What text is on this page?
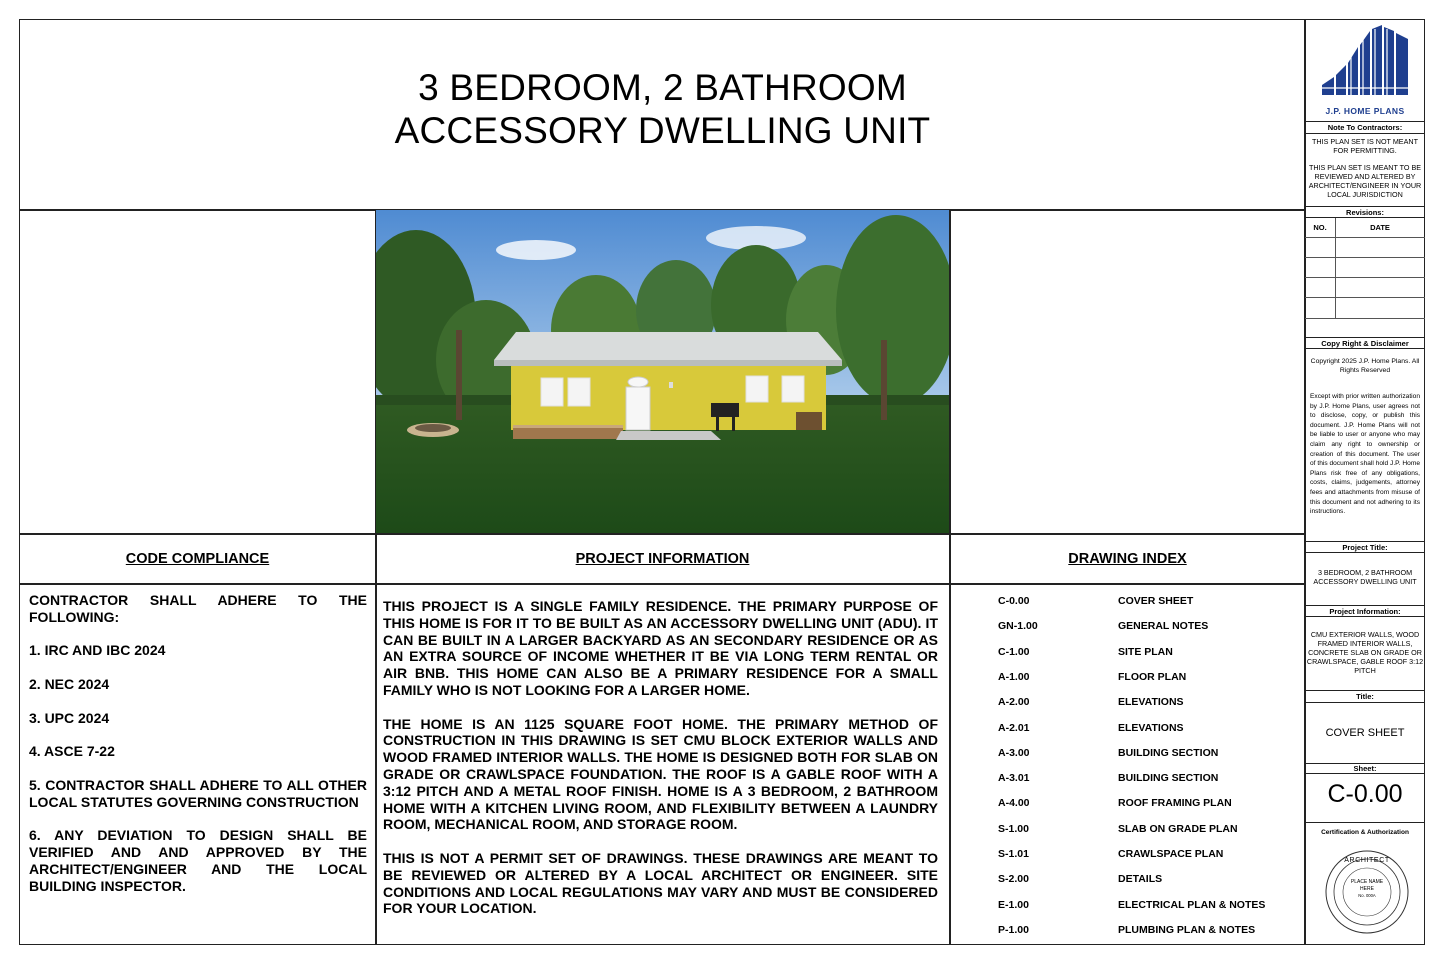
3 BEDROOM, 2 BATHROOM
ACCESSORY DWELLING UNIT
CODE COMPLIANCE	PROJECT INFORMATION	DRAWING INDEX

CONTRACTOR SHALL ADHERE TO THE FOLLOWING:

1. IRC AND IBC 2024

2. NEC 2024

3. UPC 2024

4. ASCE 7-22

5. CONTRACTOR SHALL ADHERE TO ALL OTHER LOCAL STATUTES GOVERNING CONSTRUCTION

6. ANY DEVIATION TO DESIGN SHALL BE VERIFIED AND AND APPROVED BY THE ARCHITECT/ENGINEER AND THE LOCAL BUILDING INSPECTOR.

THIS PROJECT IS A SINGLE FAMILY RESIDENCE. THE PRIMARY PURPOSE OF THIS HOME IS FOR IT TO BE BUILT AS AN ACCESSORY DWELLING UNIT (ADU). IT CAN BE BUILT IN A LARGER BACKYARD AS AN SECONDARY RESIDENCE OR AS AN EXTRA SOURCE OF INCOME WHETHER IT BE VIA LONG TERM RENTAL OR AIR BNB. THIS HOME CAN ALSO BE A PRIMARY RESIDENCE FOR A SMALL FAMILY WHO IS NOT LOOKING FOR A LARGER HOME.

THE HOME IS AN 1125 SQUARE FOOT HOME. THE PRIMARY METHOD OF CONSTRUCTION IN THIS DRAWING IS SET CMU BLOCK EXTERIOR WALLS AND WOOD FRAMED INTERIOR WALLS. THE HOME IS DESIGNED BOTH FOR SLAB ON GRADE OR CRAWLSPACE FOUNDATION. THE ROOF IS A GABLE ROOF WITH A 3:12 PITCH AND A METAL ROOF FINISH. HOME IS A 3 BEDROOM, 2 BATHROOM HOME WITH A KITCHEN LIVING ROOM, AND FLEXIBILITY BETWEEN A LAUNDRY ROOM, MECHANICAL ROOM, AND STORAGE ROOM.

THIS IS NOT A PERMIT SET OF DRAWINGS. THESE DRAWINGS ARE MEANT TO BE REVIEWED OR ALTERED BY A LOCAL ARCHITECT OR ENGINEER. SITE CONDITIONS AND LOCAL REGULATIONS MAY VARY AND MUST BE CONSIDERED FOR YOUR LOCATION.

C-0.00	COVER SHEET
GN-1.00	GENERAL NOTES
C-1.00	SITE PLAN
A-1.00	FLOOR PLAN
A-2.00	ELEVATIONS
A-2.01	ELEVATIONS
A-3.00	BUILDING SECTION
A-3.01	BUILDING SECTION
A-4.00	ROOF FRAMING PLAN
S-1.00	SLAB ON GRADE PLAN
S-1.01	CRAWLSPACE PLAN
S-2.00	DETAILS
E-1.00	ELECTRICAL PLAN & NOTES
P-1.00	PLUMBING PLAN & NOTES
J.P. HOME PLANS
Note To Contractors:
THIS PLAN SET IS NOT MEANT FOR PERMITTING.
THIS PLAN SET IS MEANT TO BE REVIEWED AND ALTERED BY ARCHITECT/ENGINEER IN YOUR LOCAL JURISDICTION
Revisions:
NO.	DATE
Copy Right & Disclaimer
Copyright 2025 J.P. Home Plans. All Rights Reserved
Except with prior written authorization by J.P. Home Plans, user agrees not to disclose, copy, or publish this document. J.P. Home Plans will not be liable to user or anyone who may claim any right to ownership or creation of this document. The user of this document shall hold J.P. Home Plans risk free of any obligations, costs, claims, judgements, attorney fees and attachments from misuse of this document and not adhering to its instructions.
Project Title:
3 BEDROOM, 2 BATHROOM ACCESSORY DWELLING UNIT
Project Information:
CMU EXTERIOR WALLS, WOOD FRAMED INTERIOR WALLS, CONCRETE SLAB ON GRADE OR CRAWLSPACE, GABLE ROOF 3:12 PITCH
Title:
COVER SHEET
Sheet:
C-0.00
Certification & Authorization
ARCHITECT
PLACE NAME
HERE
No. 000A
